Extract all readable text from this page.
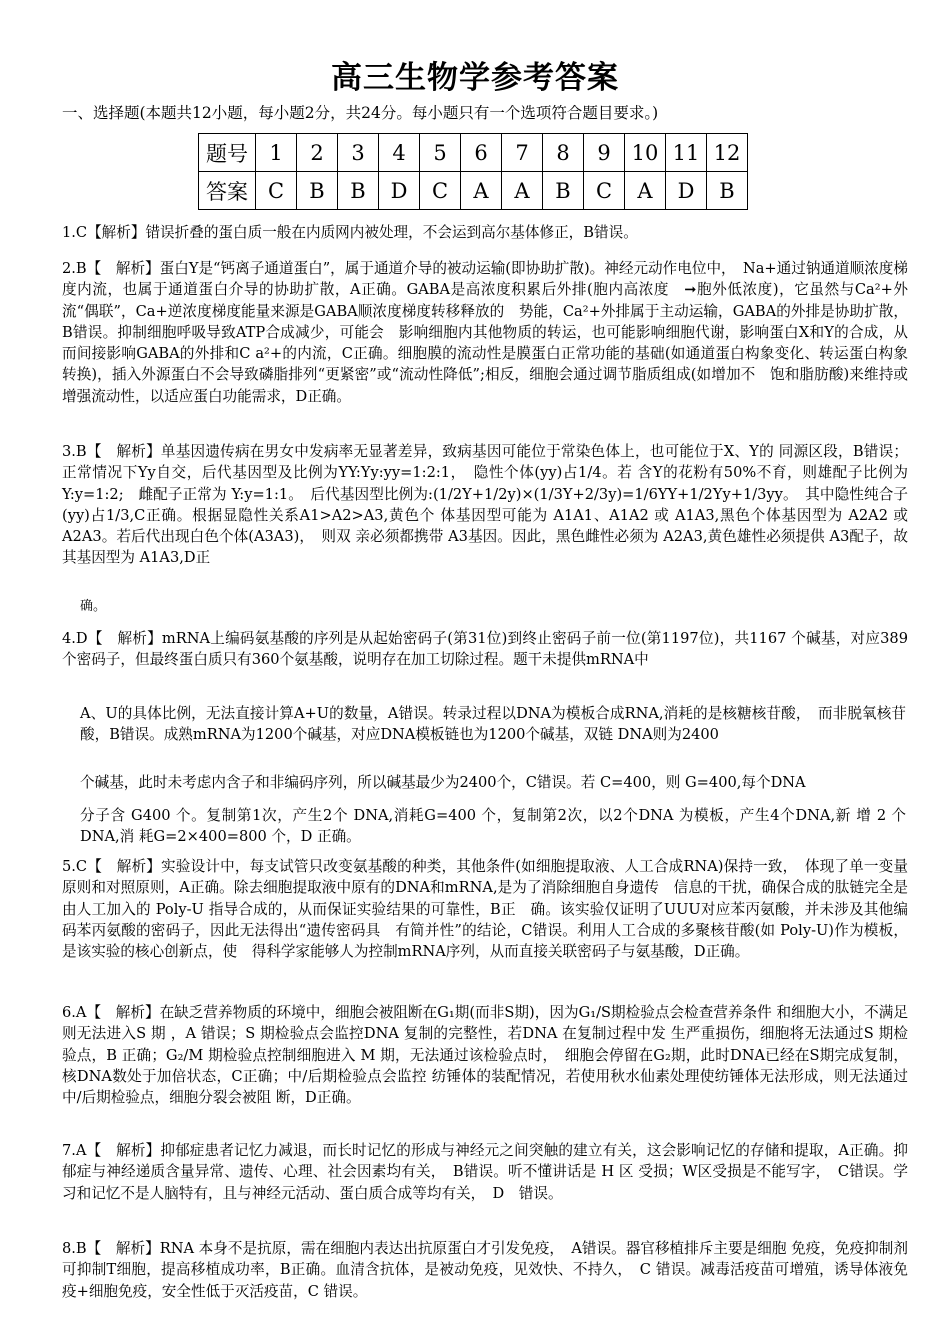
高三生物学参考答案
一、选择题(本题共12小题，每小题2分，共24分。每小题只有一个选项符合题目要求。)
题号	1	2	3	4	5	6	7	8	9	10	11	12
答案	C	B	B	D	C	A	A	B	C	A	D	B
1.C【解析】错误折叠的蛋白质一般在内质网内被处理，不会运到高尔基体修正，B错误。
2.B【　解析】蛋白Y是“钙离子通道蛋白”，属于通道介导的被动运输(即协助扩散)。神经元动作电位中，　Na+通过钠通道顺浓度梯度内流，也属于通道蛋白介导的协助扩散，A正确。GABA是高浓度积累后外排(胞内高浓度　➞胞外低浓度)，它虽然与Ca²+外流“偶联”，Ca+逆浓度梯度能量来源是GABA顺浓度梯度转移释放的　势能，Ca²+外排属于主动运输，GABA的外排是协助扩散，B错误。抑制细胞呼吸导致ATP合成减少，可能会　影响细胞内其他物质的转运，也可能影响细胞代谢，影响蛋白X和Y的合成，从而间接影响GABA的外排和C a²+的内流，C正确。细胞膜的流动性是膜蛋白正常功能的基础(如通道蛋白构象变化、转运蛋白构象转换)，插入外源蛋白不会导致磷脂排列“更紧密”或“流动性降低”;相反，细胞会通过调节脂质组成(如增加不　饱和脂肪酸)来维持或增强流动性，以适应蛋白功能需求，D正确。
3.B【　解析】单基因遗传病在男女中发病率无显著差异，致病基因可能位于常染色体上，也可能位于X、Y的 同源区段，B错误；正常情况下Yy自交，后代基因型及比例为YY:Yy:yy=1:2:1，　隐性个体(yy)占1/4。若 含Y的花粉有50%不育，则雄配子比例为 Y:y=1:2;　雌配子正常为 Y:y=1:1。　后代基因型比例为:(1/2Y+1/2y)×(1/3Y+2/3y)=1/6YY+1/2Yy+1/3yy。　其中隐性纯合子(yy)占1/3,C正确。根据显隐性关系A1>A2>A3,黄色个 体基因型可能为 A1A1、A1A2 或 A1A3,黑色个体基因型为 A2A2 或 A2A3。若后代出现白色个体(A3A3)，　则双 亲必须都携带 A3基因。因此，黑色雌性必须为 A2A3,黄色雄性必须提供 A3配子，故其基因型为 A1A3,D正
确。
4.D【　解析】mRNA上编码氨基酸的序列是从起始密码子(第31位)到终止密码子前一位(第1197位)，共1167 个碱基，对应389个密码子，但最终蛋白质只有360个氨基酸，说明存在加工切除过程。题干未提供mRNA中
A、U的具体比例，无法直接计算A+U的数量，A错误。转录过程以DNA为模板合成RNA,消耗的是核糖核苷酸，　而非脱氧核苷酸，B错误。成熟mRNA为1200个碱基，对应DNA模板链也为1200个碱基，双链 DNA则为2400
个碱基，此时未考虑内含子和非编码序列，所以碱基最少为2400个，C错误。若 C=400，则 G=400,每个DNA
分子含 G400 个。复制第1次，产生2个 DNA,消耗G=400 个，复制第2次，以2个DNA 为模板，产生4个DNA,新 增 2 个 DNA,消 耗G=2×400=800 个，D 正确。
5.C【　解析】实验设计中，每支试管只改变氨基酸的种类，其他条件(如细胞提取液、人工合成RNA)保持一致，　体现了单一变量原则和对照原则，A正确。除去细胞提取液中原有的DNA和mRNA,是为了消除细胞自身遗传　信息的干扰，确保合成的肽链完全是由人工加入的 Poly-U 指导合成的，从而保证实验结果的可靠性，B正　确。该实验仅证明了UUU对应苯丙氨酸，并未涉及其他编码苯丙氨酸的密码子，因此无法得出“遗传密码具　有简并性”的结论，C错误。利用人工合成的多聚核苷酸(如 Poly-U)作为模板，是该实验的核心创新点，使　得科学家能够人为控制mRNA序列，从而直接关联密码子与氨基酸，D正确。
6.A【　解析】在缺乏营养物质的环境中，细胞会被阻断在G₁期(而非S期)，因为G₁/S期检验点会检查营养条件 和细胞大小，不满足则无法进入S 期 ，A 错误；S 期检验点会监控DNA 复制的完整性，若DNA 在复制过程中发 生严重损伤，细胞将无法通过S 期检验点，B 正确；G₂/M 期检验点控制细胞进入 M 期，无法通过该检验点时，　细胞会停留在G₂期，此时DNA已经在S期完成复制，核DNA数处于加倍状态，C正确；中/后期检验点会监控 纺锤体的装配情况，若使用秋水仙素处理使纺锤体无法形成，则无法通过中/后期检验点，细胞分裂会被阻 断，D正确。
7.A【　解析】抑郁症患者记忆力减退，而长时记忆的形成与神经元之间突触的建立有关，这会影响记忆的存储和提取，A正确。抑郁症与神经递质含量异常、遗传、心理、社会因素均有关，　B错误。听不懂讲话是 H 区 受损；W区受损是不能写字，　C错误。学习和记忆不是人脑特有，且与神经元活动、蛋白质合成等均有关，　D　错误。
8.B【　解析】RNA 本身不是抗原，需在细胞内表达出抗原蛋白才引发免疫，　A错误。器官移植排斥主要是细胞 免疫，免疫抑制剂可抑制T细胞，提高移植成功率，B正确。血清含抗体，是被动免疫，见效快、不持久，　C 错误。减毒活疫苗可增殖，诱导体液免疫+细胞免疫，安全性低于灭活疫苗，C 错误。
